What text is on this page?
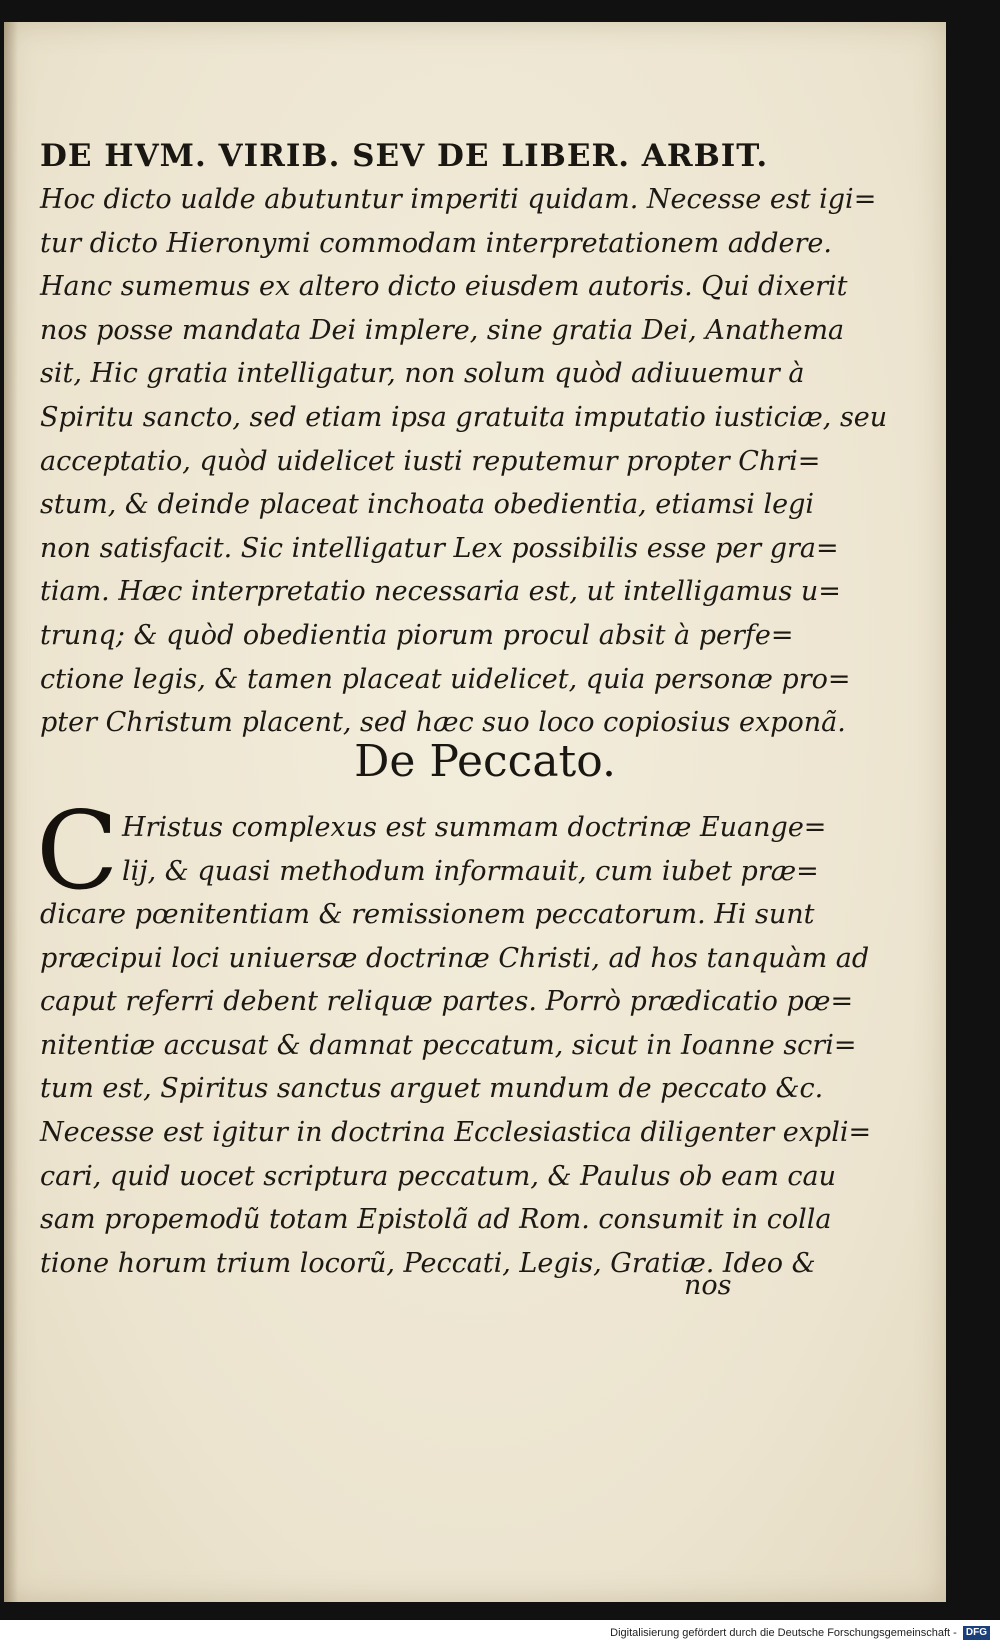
DE HVM. VIRIB. SEV DE LIBER. ARBIT.
Hoc dicto ualde abutuntur imperiti quidam. Necesse est igi=
tur dicto Hieronymi commodam interpretationem addere.
Hanc sumemus ex altero dicto eiusdem autoris. Qui dixerit
nos posse mandata Dei implere, sine gratia Dei, Anathema
sit, Hic gratia intelligatur, non solum quòd adiuuemur à
Spiritu sancto, sed etiam ipsa gratuita imputatio iusticiæ, seu
acceptatio, quòd uidelicet iusti reputemur propter Chri=
stum, & deinde placeat inchoata obedientia, etiamsi legi
non satisfacit. Sic intelligatur Lex possibilis esse per gra=
tiam. Hæc interpretatio necessaria est, ut intelligamus u=
trunq; & quòd obedientia piorum procul absit à perfe=
ctione legis, & tamen placeat uidelicet, quia personæ pro=
pter Christum placent, sed hæc suo loco copiosius exponã.
De Peccato.
C Hristus complexus est summam doctrinæ Euange=
lij, & quasi methodum informauit, cum iubet præ=
dicare pœnitentiam & remissionem peccatorum. Hi sunt
præcipui loci uniuersæ doctrinæ Christi, ad hos tanquàm ad
caput referri debent reliquæ partes. Porrò prædicatio pœ=
nitentiæ accusat & damnat peccatum, sicut in Ioanne scri=
tum est, Spiritus sanctus arguet mundum de peccato &c.
Necesse est igitur in doctrina Ecclesiastica diligenter expli=
cari, quid uocet scriptura peccatum, & Paulus ob eam cau
sam propemodũ totam Epistolã ad Rom. consumit in colla
tione horum trium locorũ, Peccati, Legis, Gratiæ. Ideo &
nos
Digitalisierung gefördert durch die Deutsche Forschungsgemeinschaft - DFG
